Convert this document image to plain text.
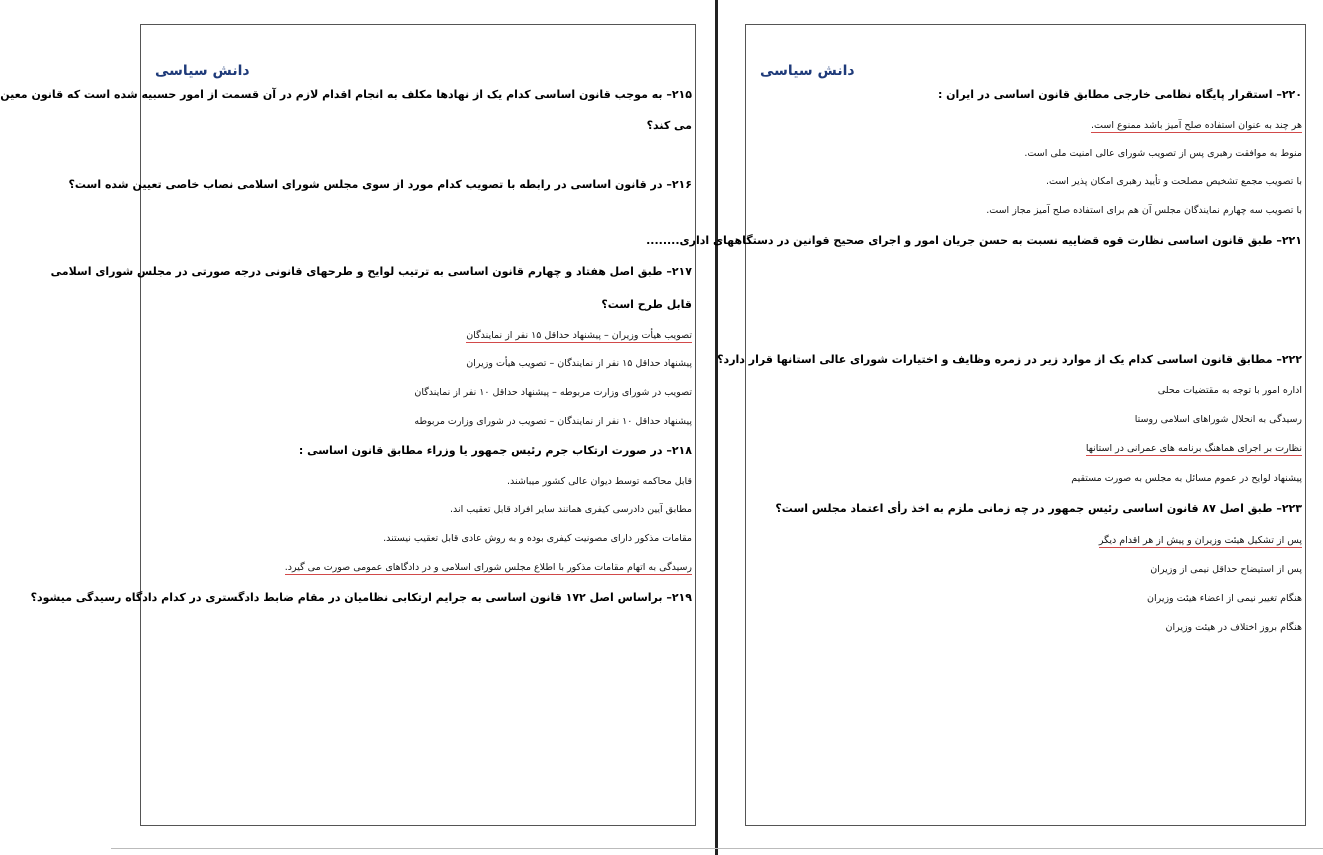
دانش سیاسی
۲۱۵– به موجب قانون اساسی کدام یک از نهادها مکلف به انجام اقدام لازم در آن قسمت از امور حسبیه شده است که قانون معین
می کند؟
۲۱۶– در قانون اساسی در رابطه با تصویب کدام مورد از سوی مجلس شورای اسلامی نصاب خاصی تعیین شده است؟
۲۱۷– طبق اصل هفتاد و چهارم قانون اساسی به ترتیب لوایح و طرحهای قانونی درجه صورتی در مجلس شورای اسلامی
قابل طرح است؟
تصویب هیأت وزیران – پیشنهاد حداقل ۱۵ نفر از نمایندگان
پیشنهاد حداقل ۱۵ نفر از نمایندگان – تصویب هیأت وزیران
تصویب در شورای وزارت مربوطه – پیشنهاد حداقل ۱۰ نفر از نمایندگان
پیشنهاد حداقل ۱۰ نفر از نمایندگان – تصویب در شورای وزارت مربوطه
۲۱۸– در صورت ارتکاب جرم رئیس جمهور یا وزراء مطابق قانون اساسی :
قابل محاکمه توسط دیوان عالی کشور میباشند.
مطابق آیین دادرسی کیفری همانند سایر افراد قابل تعقیب اند.
مقامات مذکور دارای مصونیت کیفری بوده و به روش عادی قابل تعقیب نیستند.
رسیدگی به اتهام مقامات مذکور با اطلاع مجلس شورای اسلامی و در دادگاهای عمومی صورت می گیرد.
۲۱۹– براساس اصل ۱۷۲ قانون اساسی به جرایم ارتکابی نظامیان در مقام ضابط دادگستری در کدام دادگاه رسیدگی میشود؟
دانش سیاسی
۲۲۰– استقرار پایگاه نظامی خارجی مطابق قانون اساسی در ایران :
هر چند به عنوان استفاده صلح آمیز باشد ممنوع است.
منوط به موافقت رهبری پس از تصویب شورای عالی امنیت ملی است.
با تصویب مجمع تشخیص مصلحت و تأیید رهبری امکان پذیر است.
با تصویب سه چهارم نمایندگان مجلس آن هم برای استفاده صلح آمیز مجاز است.
۲۲۱– طبق قانون اساسی نظارت قوه قضاییه نسبت به حسن جریان امور و اجرای صحیح قوانین در دستگاههای اداری........
۲۲۲– مطابق قانون اساسی کدام یک از موارد زیر در زمره وظایف و اختیارات شورای عالی استانها قرار دارد؟
اداره امور با توجه به مقتضیات محلی
رسیدگی به انحلال شوراهای اسلامی روستا
نظارت بر اجرای هماهنگ برنامه های عمرانی در استانها
پیشنهاد لوایح در عموم مسائل به مجلس به صورت مستقیم
۲۲۳– طبق اصل ۸۷ قانون اساسی رئیس جمهور در چه زمانی ملزم به اخذ رأی اعتماد مجلس است؟
پس از تشکیل هیئت وزیران و پیش از هر اقدام دیگر
پس از استیضاح حداقل نیمی از وزیران
هنگام تغییر نیمی از اعضاء هیئت وزیران
هنگام بروز اختلاف در هیئت وزیران
